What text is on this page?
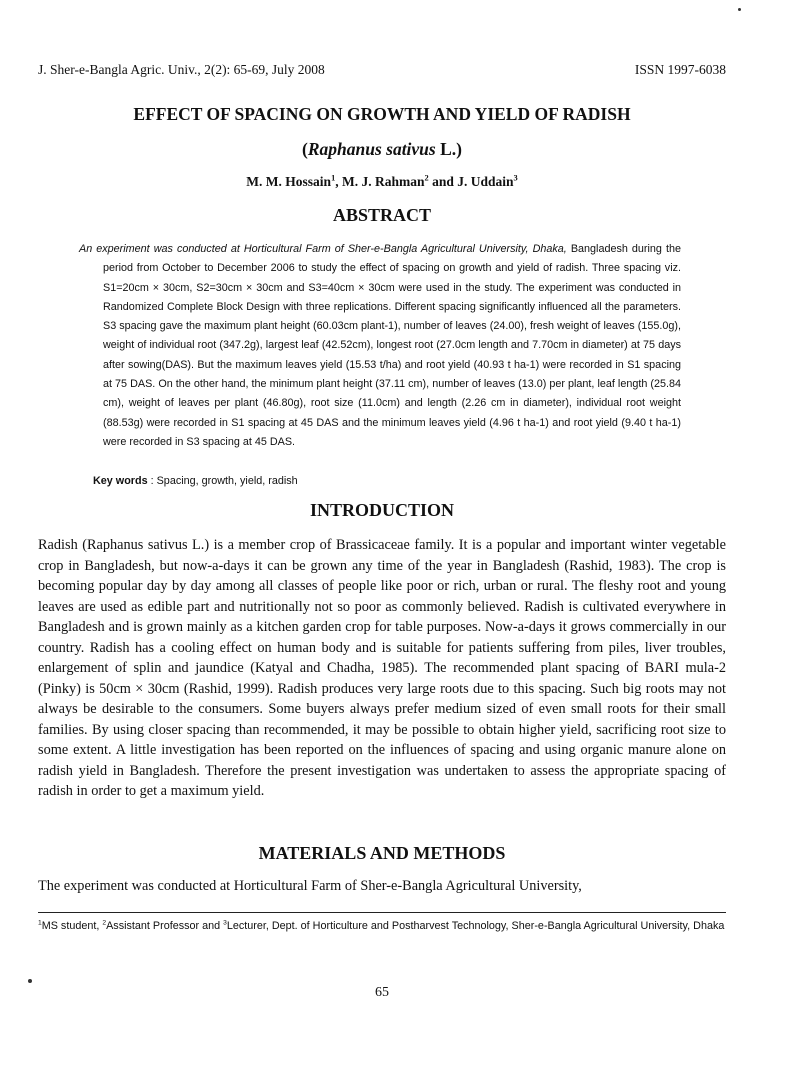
J. Sher-e-Bangla Agric. Univ., 2(2): 65-69, July 2008	ISSN 1997-6038
EFFECT OF SPACING ON GROWTH AND YIELD OF RADISH
(Raphanus sativus L.)
M. M. Hossain$^1$, M. J. Rahman$^2$ and J. Uddain$^3$
ABSTRACT
An experiment was conducted at Horticultural Farm of Sher-e-Bangla Agricultural University, Dhaka, Bangladesh during the period from October to December 2006 to study the effect of spacing on growth and yield of radish. Three spacing viz. S1=20cm × 30cm, S2=30cm × 30cm and S3=40cm × 30cm were used in the study. The experiment was conducted in Randomized Complete Block Design with three replications. Different spacing significantly influenced all the parameters. S3 spacing gave the maximum plant height (60.03cm plant-1), number of leaves (24.00), fresh weight of leaves (155.0g), weight of individual root (347.2g), largest leaf (42.52cm), longest root (27.0cm length and 7.70cm in diameter) at 75 days after sowing(DAS). But the maximum leaves yield (15.53 t/ha) and root yield (40.93 t ha-1) were recorded in S1 spacing at 75 DAS. On the other hand, the minimum plant height (37.11 cm), number of leaves (13.0) per plant, leaf length (25.84 cm), weight of leaves per plant (46.80g), root size (11.0cm) and length (2.26 cm in diameter), individual root weight (88.53g) were recorded in S1 spacing at 45 DAS and the minimum leaves yield (4.96 t ha-1) and root yield (9.40 t ha-1) were recorded in S3 spacing at 45 DAS.
Key words : Spacing, growth, yield, radish
INTRODUCTION
Radish (Raphanus sativus L.) is a member crop of Brassicaceae family. It is a popular and important winter vegetable crop in Bangladesh, but now-a-days it can be grown any time of the year in Bangladesh (Rashid, 1983). The crop is becoming popular day by day among all classes of people like poor or rich, urban or rural. The fleshy root and young leaves are used as edible part and nutritionally not so poor as commonly believed. Radish is cultivated everywhere in Bangladesh and is grown mainly as a kitchen garden crop for table purposes. Now-a-days it grows commercially in our country. Radish has a cooling effect on human body and is suitable for patients suffering from piles, liver troubles, enlargement of splin and jaundice (Katyal and Chadha, 1985). The recommended plant spacing of BARI mula-2 (Pinky) is 50cm × 30cm (Rashid, 1999). Radish produces very large roots due to this spacing. Such big roots may not always be desirable to the consumers. Some buyers always prefer medium sized of even small roots for their small families. By using closer spacing than recommended, it may be possible to obtain higher yield, sacrificing root size to some extent. A little investigation has been reported on the influences of spacing and using organic manure alone on radish yield in Bangladesh. Therefore the present investigation was undertaken to assess the appropriate spacing of radish in order to get a maximum yield.
MATERIALS AND METHODS
The experiment was conducted at Horticultural Farm of Sher-e-Bangla Agricultural University,
$^1$MS student, $^2$Assistant Professor and $^3$Lecturer, Dept. of Horticulture and Postharvest Technology, Sher-e-Bangla Agricultural University, Dhaka
65
